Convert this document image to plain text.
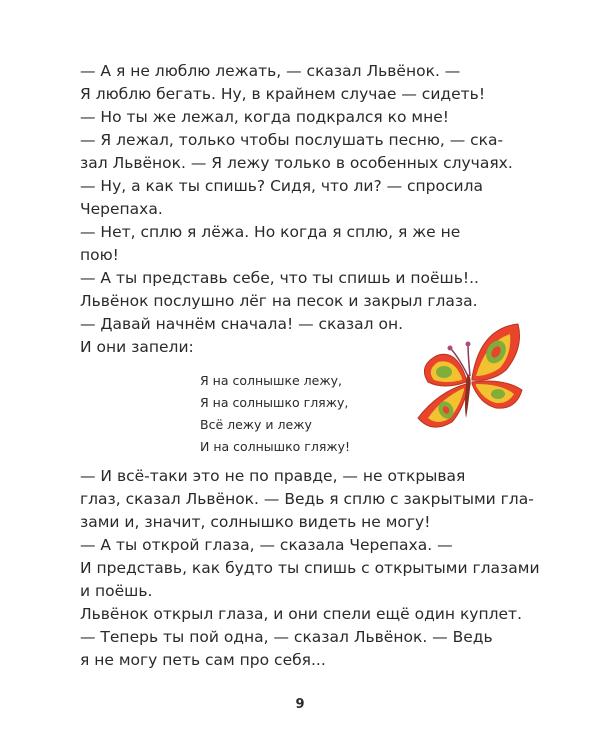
— А я не люблю лежать, — сказал Львёнок. —
Я люблю бегать. Ну, в крайнем случае — сидеть!
— Но ты же лежал, когда подкрался ко мне!
— Я лежал, только чтобы послушать песню, — ска-
зал Львёнок. — Я лежу только в особенных случаях.
— Ну, а как ты спишь? Сидя, что ли? — спросила
Черепаха.
— Нет, сплю я лёжа. Но когда я сплю, я же не
пою!
— А ты представь себе, что ты спишь и поёшь!..
Львёнок послушно лёг на песок и закрыл глаза.
— Давай начнём сначала! — сказал он.
И они запели:
Я на солнышке лежу,
Я на солнышко гляжу,
Всё лежу и лежу
И на солнышко гляжу!
— И всё-таки это не по правде, — не открывая
глаз, сказал Львёнок. — Ведь я сплю с закрытыми гла-
зами и, значит, солнышко видеть не могу!
— А ты открой глаза, — сказала Черепаха. —
И представь, как будто ты спишь с открытыми глазами
и поёшь.
Львёнок открыл глаза, и они спели ещё один куплет.
— Теперь ты пой одна, — сказал Львёнок. — Ведь
я не могу петь сам про себя...
9
